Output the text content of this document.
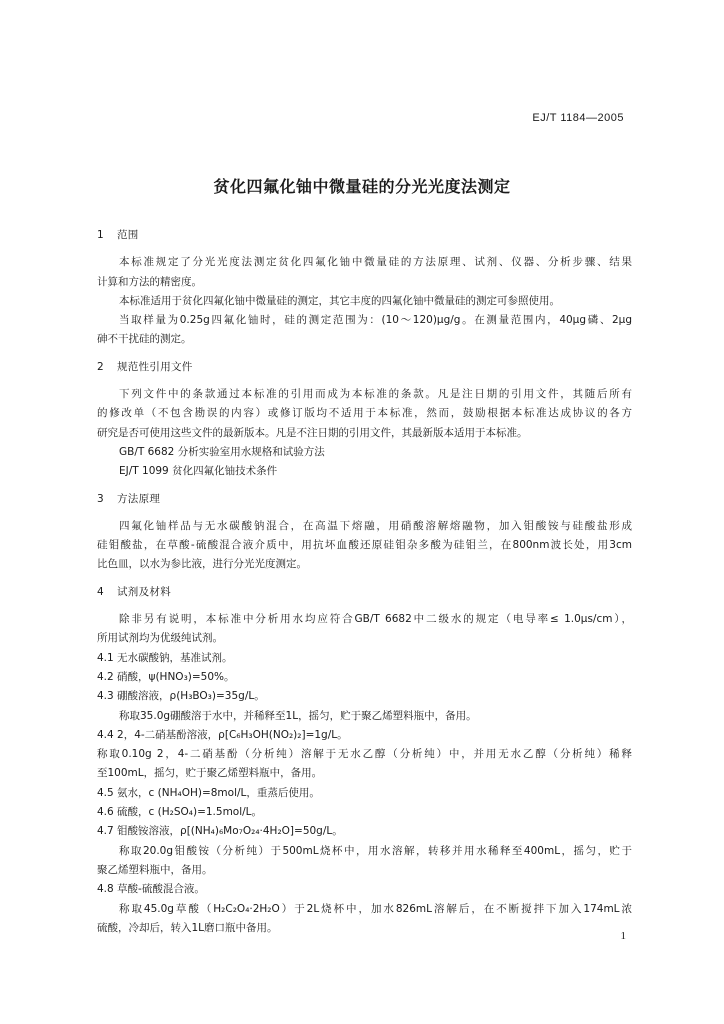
EJ/T 1184—2005
贫化四氟化铀中微量硅的分光光度法测定
1 范围
本标准规定了分光光度法测定贫化四氟化铀中微量硅的方法原理、试剂、仪器、分析步骤、结果
计算和方法的精密度。
本标准适用于贫化四氟化铀中微量硅的测定，其它丰度的四氟化铀中微量硅的测定可参照使用。
当取样量为0.25g四氟化铀时，硅的测定范围为：(10～120)μg/g。在测量范围内，40μg磷、2μg
砷不干扰硅的测定。
2 规范性引用文件
下列文件中的条款通过本标准的引用而成为本标准的条款。凡是注日期的引用文件，其随后所有
的修改单（不包含勘误的内容）或修订版均不适用于本标准，然而，鼓励根据本标准达成协议的各方
研究是否可使用这些文件的最新版本。凡是不注日期的引用文件，其最新版本适用于本标准。
GB/T 6682 分析实验室用水规格和试验方法
EJ/T 1099 贫化四氟化铀技术条件
3 方法原理
四氟化铀样品与无水碳酸钠混合，在高温下熔融，用硝酸溶解熔融物，加入钼酸铵与硅酸盐形成
硅钼酸盐，在草酸-硫酸混合液介质中，用抗坏血酸还原硅钼杂多酸为硅钼兰，在800nm波长处，用3cm
比色皿，以水为参比液，进行分光光度测定。
4 试剂及材料
除非另有说明，本标准中分析用水均应符合GB/T 6682中二级水的规定（电导率≤ 1.0μs/cm），
所用试剂均为优级纯试剂。
4.1 无水碳酸钠，基准试剂。
4.2 硝酸，ψ(HNO₃)=50%。
4.3 硼酸溶液，ρ(H₃BO₃)=35g/L。
称取35.0g硼酸溶于水中，并稀释至1L，摇匀，贮于聚乙烯塑料瓶中，备用。
4.4 2，4-二硝基酚溶液，ρ[C₆H₃OH(NO₂)₂]=1g/L。
称取0.10g 2，4-二硝基酚（分析纯）溶解于无水乙醇（分析纯）中，并用无水乙醇（分析纯）稀释
至100mL，摇匀，贮于聚乙烯塑料瓶中，备用。
4.5 氨水，c (NH₄OH)=8mol/L，重蒸后使用。
4.6 硫酸，c (H₂SO₄)=1.5mol/L。
4.7 钼酸铵溶液，ρ[(NH₄)₆Mo₇O₂₄·4H₂O]=50g/L。
称取20.0g钼酸铵（分析纯）于500mL烧杯中，用水溶解，转移并用水稀释至400mL，摇匀，贮于
聚乙烯塑料瓶中，备用。
4.8 草酸-硫酸混合液。
称取45.0g草酸（H₂C₂O₄·2H₂O）于2L烧杯中，加水826mL溶解后，在不断搅拌下加入174mL浓
硫酸，冷却后，转入1L磨口瓶中备用。
1
